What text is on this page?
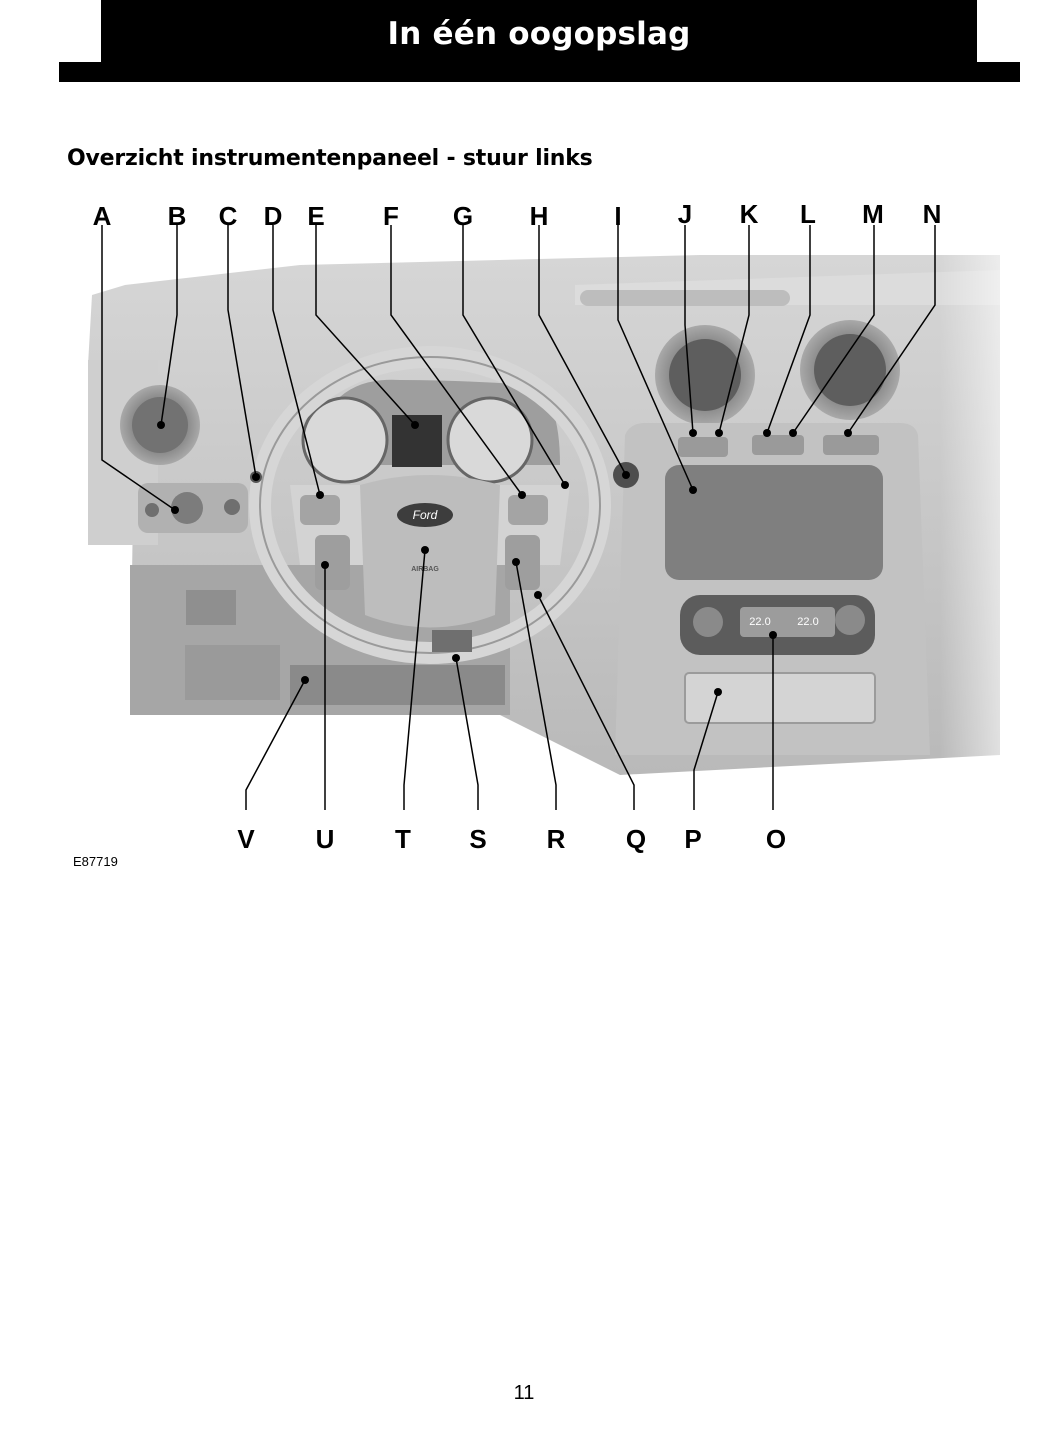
In één oogopslag
Overzicht instrumentenpaneel - stuur links
22.0 22.0
Ford
AIRBAG
A B C D E F G H	I J K L M N
V U T S R Q P O
E87719
11
